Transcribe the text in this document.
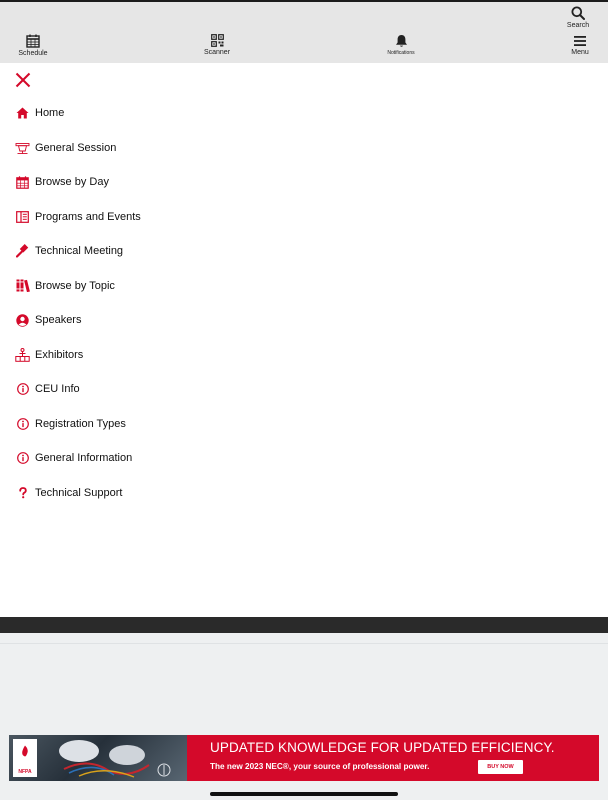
Schedule	Scanner	Notifications
Search
Menu
Home
General Session
Browse by Day
Programs and Events
Technical Meeting
Browse by Topic
Speakers
Exhibitors
CEU Info
Registration Types
General Information
Technical Support
NFPA
UPDATED KNOWLEDGE FOR UPDATED EFFICIENCY.
The new 2023 NEC®, your source of professional power.	BUY NOW
